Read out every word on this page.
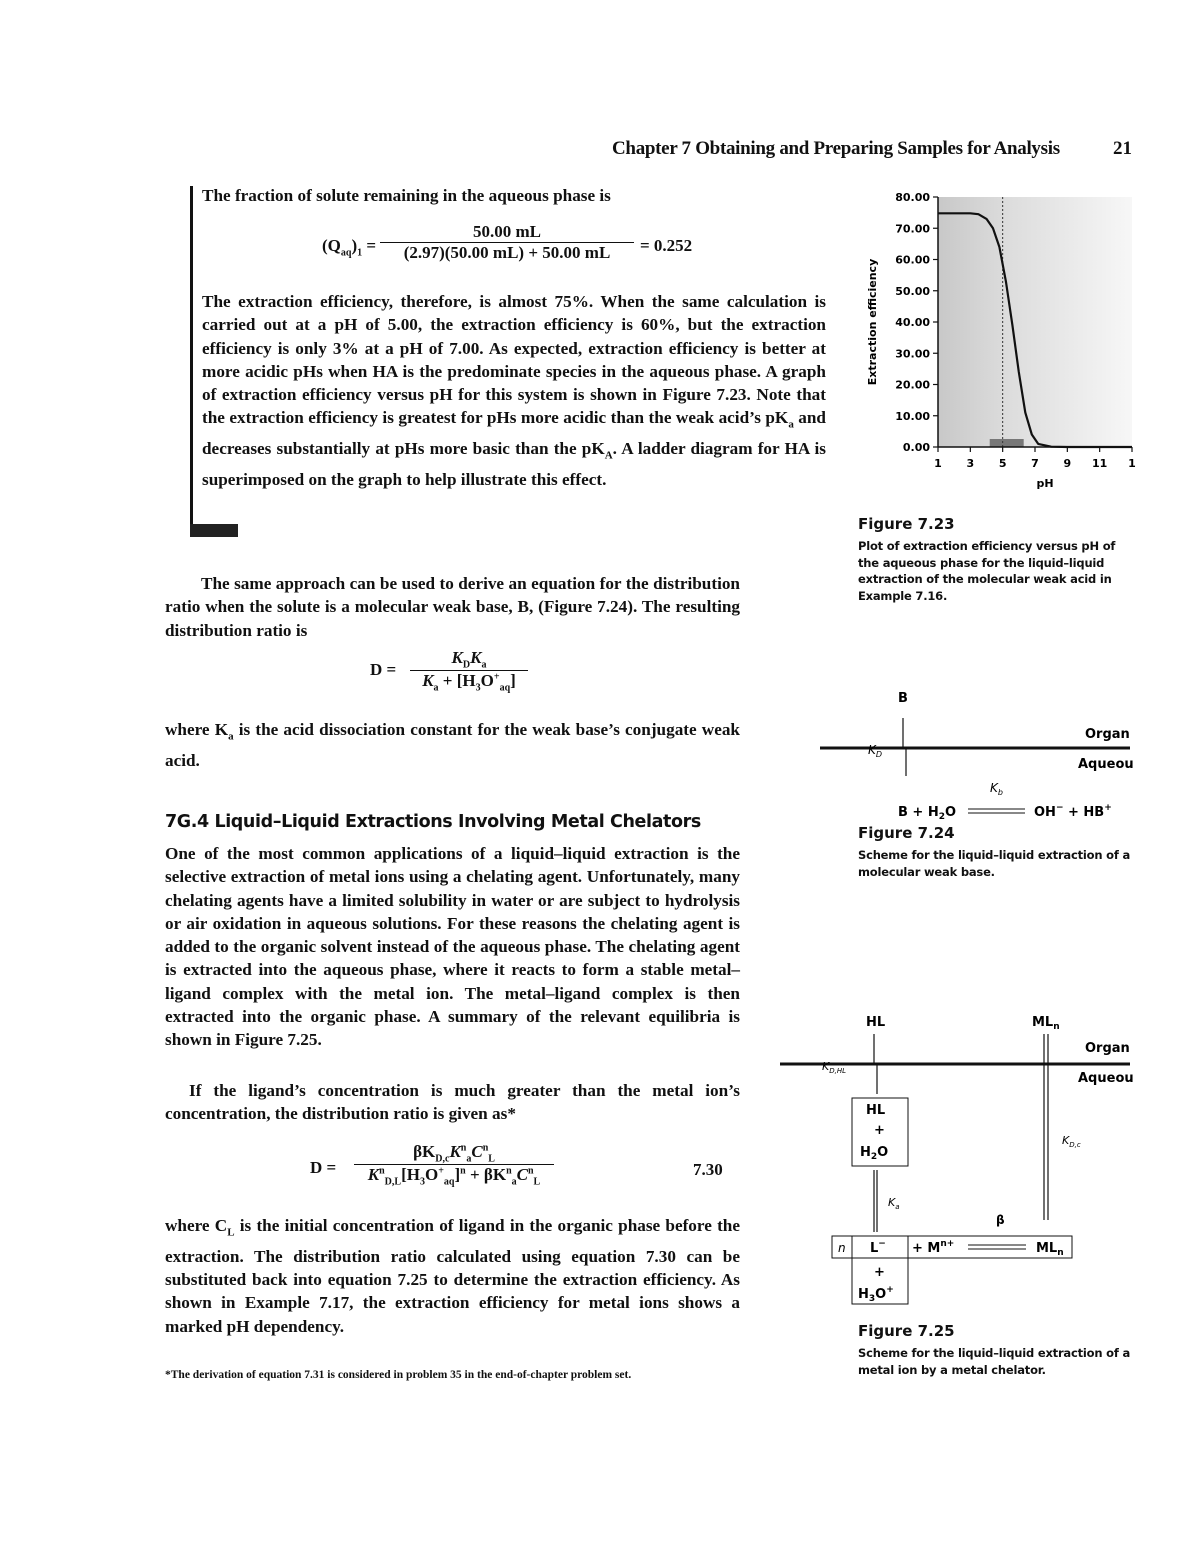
Chapter 7 Obtaining and Preparing Samples for Analysis	21
The fraction of solute remaining in the aqueous phase is
$(Q_{aq})_1$ =
50.00 mL
(2.97)(50.00 mL) + 50.00 mL	= 0.252
The extraction efficiency, therefore, is almost 75%. When the same calculation is carried out at a pH of 5.00, the extraction efficiency is 60%, but the extraction efficiency is only 3% at a pH of 7.00. As expected, extraction efficiency is better at more acidic pHs when HA is the predominate species in the aqueous phase. A graph of extraction efficiency versus pH for this system is shown in Figure 7.23. Note that the extraction efficiency is greatest for pHs more acidic than the weak acid’s $pK_a$ and decreases substantially at pHs more basic than the $pK_A$. A ladder diagram for HA is superimposed on the graph to help illustrate this effect.
The same approach can be used to derive an equation for the distribution ratio when the solute is a molecular weak base, B, (Figure 7.24). The resulting distribution ratio is
D =
$K_DK_a$
$K_a + [H_3O^+_{aq}]$
where $K_a$ is the acid dissociation constant for the weak base’s conjugate weak acid.
7G.4 Liquid–Liquid Extractions Involving Metal Chelators
One of the most common applications of a liquid–liquid extraction is the selective extraction of metal ions using a chelating agent. Unfortunately, many chelating agents have a limited solubility in water or are subject to hydrolysis or air oxidation in aqueous solutions. For these reasons the chelating agent is added to the organic solvent instead of the aqueous phase. The chelating agent is extracted into the aqueous phase, where it reacts to form a stable metal–ligand complex with the metal ion. The metal–ligand complex is then extracted into the organic phase. A summary of the relevant equilibria is shown in Figure 7.25.
If the ligand’s concentration is much greater than the metal ion’s concentration, the distribution ratio is given as*
D =
$\beta K_{D,c}K^n_aC^n_L$
$K^n_{D,L}[H_3O^+_{aq}]^n + \beta K^n_aC^n_L$
7.30
where $C_L$ is the initial concentration of ligand in the organic phase before the extraction. The distribution ratio calculated using equation 7.30 can be substituted back into equation 7.25 to determine the extraction efficiency. As shown in Example 7.17, the extraction efficiency for metal ions shows a marked pH dependency.
*The derivation of equation 7.31 is considered in problem 35 in the end-of-chapter problem set.
0.00
10.00
20.00
30.00
40.00
50.00
60.00
70.00
80.00
1 3 5 7 9 11 1
pH
Extraction efficiency
Figure 7.23
Plot of extraction efficiency versus pH of the aqueous phase for the liquid–liquid extraction of the molecular weak acid in Example 7.16.
B
$K_D$
Organ
Aqueou
$K_b$
$B + H_2O$	OH− + HB+
Figure 7.24
Scheme for the liquid–liquid extraction of a molecular weak base.
HL	$ML_n$
$K_{D,HL}$
Organ
Aqueou
HL
+
$H_2O$
$K_a$
$K_{D,c}$
β
n $L^- + M^{n+}$	$ML_n$
+
$H_3O^+$
Figure 7.25
Scheme for the liquid–liquid extraction of a metal ion by a metal chelator.
